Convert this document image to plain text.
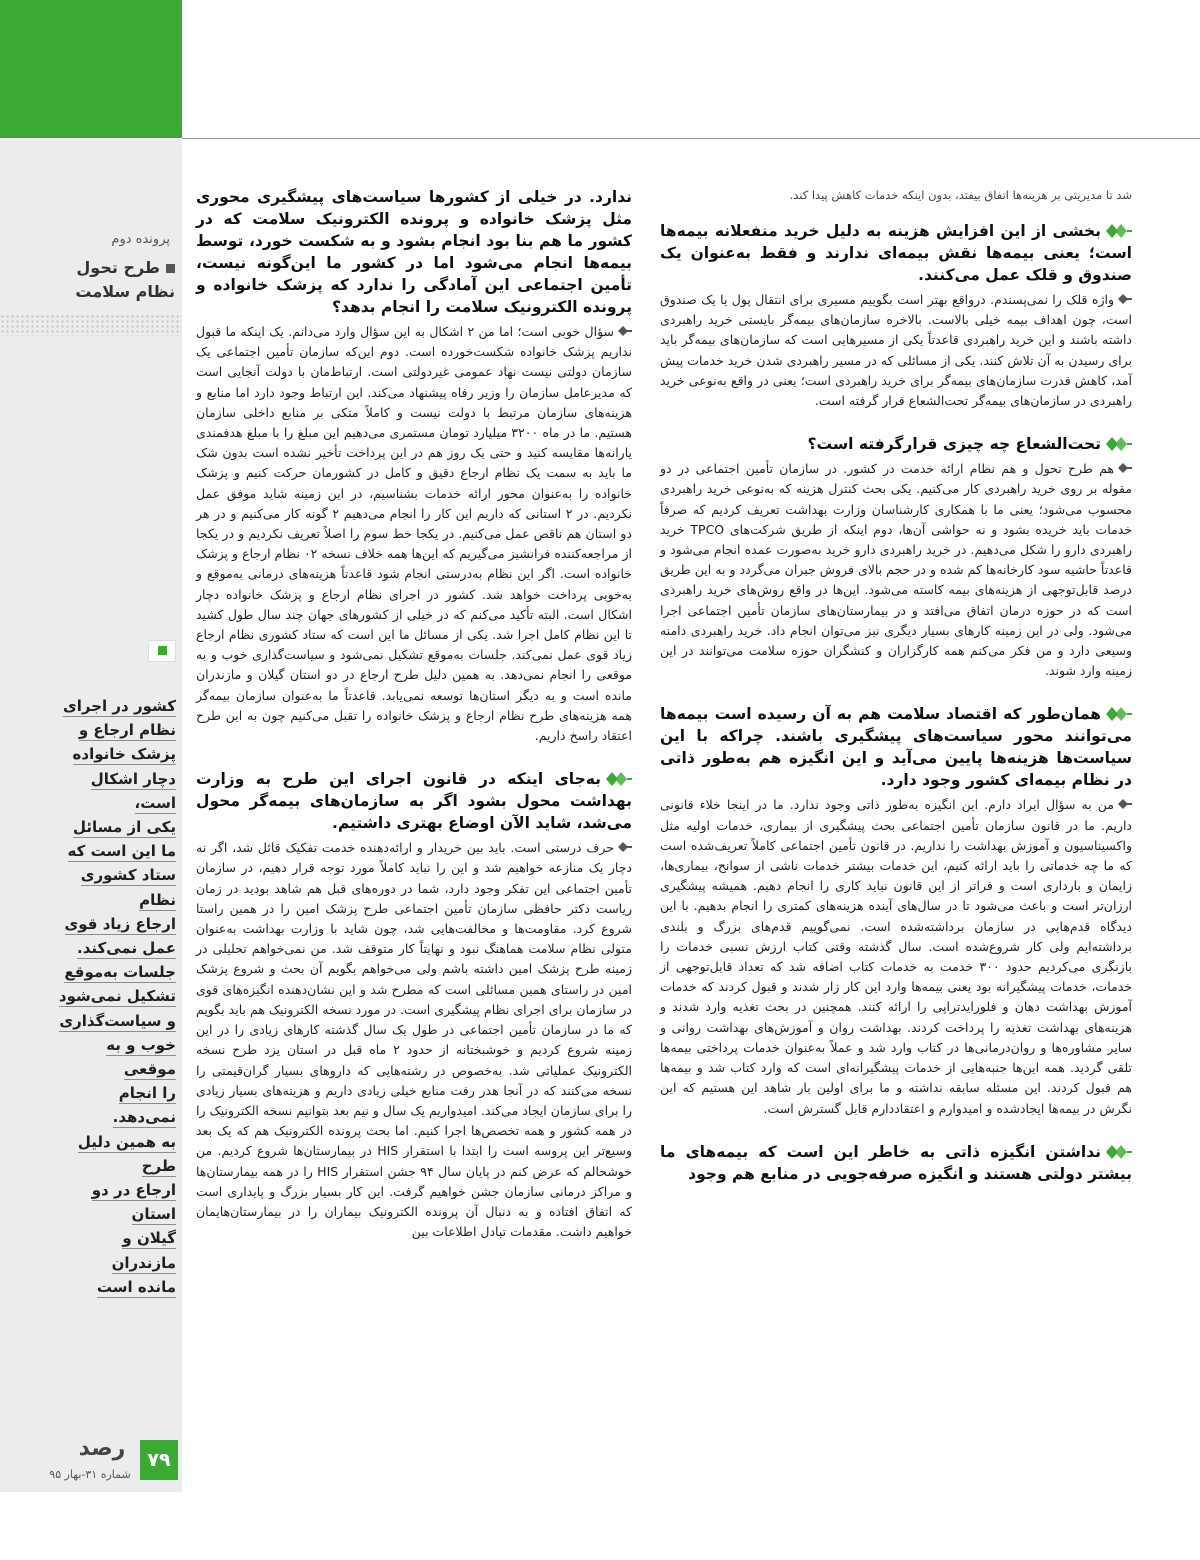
پرونده دوم
طرح تحول
نظام سلامت
کشور در اجرای
نظام ارجاع و
پزشک خانواده
دچار اشکال است،
یکی از مسائل
ما این است که
ستاد کشوری نظام
ارجاع زیاد قوی
عمل نمی‌کند.
جلسات به‌موقع
تشکیل نمی‌شود
و سیاست‌گذاری
خوب و به موقعی
را انجام نمی‌دهد.
به همین دلیل طرح
ارجاع در دو استان
گیلان و مازندران
مانده است

شد تا مدیریتی بر هزینه‌ها اتفاق بیفتد، بدون اینکه خدمات کاهش پیدا کند.

بخشی از این افزایش هزینه به دلیل خرید منفعلانه بیمه‌ها است؛ یعنی بیمه‌ها نقش بیمه‌ای ندارند و فقط به‌عنوان یک صندوق و قلک عمل می‌کنند.

واژه قلک را نمی‌پسندم. درواقع بهتر است بگوییم مسیری برای انتقال پول یا یک صندوق است، چون اهداف بیمه خیلی بالاست. بالاخره سازمان‌های بیمه‌گر بایستی خرید راهبردی داشته باشند و این خرید راهبردی قاعدتاً یکی از مسیرهایی است که سازمان‌های بیمه‌گر باید برای رسیدن به آن تلاش کنند. یکی از مسائلی که در مسیر راهبردی شدن خرید خدمات پیش آمد، کاهش قدرت سازمان‌های بیمه‌گر برای خرید راهبردی است؛ یعنی در واقع به‌نوعی خرید راهبردی در سازمان‌های بیمه‌گر تحت‌الشعاع قرار گرفته است.

تحت‌الشعاع چه چیزی قرارگرفته است؟

هم طرح تحول و هم نظام ارائه خدمت در کشور. در سازمان تأمین اجتماعی در دو مقوله بر روی خرید راهبردی کار می‌کنیم. یکی بحث کنترل هزینه که به‌نوعی خرید راهبردی محسوب می‌شود؛ یعنی ما با همکاری کارشناسان وزارت بهداشت تعریف کردیم که صرفاً خدمات باید خریده بشود و نه حواشی آن‌ها، دوم اینکه از طریق شرکت‌های TPCO خرید راهبردی دارو را شکل می‌دهیم. در خرید راهبردی دارو خرید به‌صورت عمده انجام می‌شود و قاعدتاً حاشیه سود کارخانه‌ها کم شده و در حجم بالای فروش جبران می‌گردد و به این طریق درصد قابل‌توجهی از هزینه‌های بیمه کاسته می‌شود. این‌ها در واقع روش‌های خرید راهبردی است که در حوزه درمان اتفاق می‌افتد و در بیمارستان‌های سازمان تأمین اجتماعی اجرا می‌شود. ولی در این زمینه کارهای بسیار دیگری نیز می‌توان انجام داد. خرید راهبردی دامنه وسیعی دارد و من فکر می‌کنم همه کارگزاران و کنشگران حوزه سلامت می‌توانند در این زمینه وارد شوند.

همان‌طور که اقتصاد سلامت هم به آن رسیده است بیمه‌ها می‌توانند محور سیاست‌های پیشگیری باشند. چراکه با این سیاست‌ها هزینه‌ها پایین می‌آید و این انگیزه هم به‌طور ذاتی در نظام بیمه‌ای کشور وجود دارد.

من به سؤال ایراد دارم. این انگیزه به‌طور ذاتی وجود ندارد. ما در اینجا خلاء قانونی داریم. ما در قانون سازمان تأمین اجتماعی بحث پیشگیری از بیماری، خدمات اولیه مثل واکسیناسیون و آموزش بهداشت را نداریم. در قانون تأمین اجتماعی کاملاً تعریف‌شده است که ما چه خدماتی را باید ارائه کنیم، این خدمات بیشتر خدمات ناشی از سوانح، بیماری‌ها، زایمان و بارداری است و فراتر از این قانون نباید کاری را انجام دهیم. همیشه پیشگیری ارزان‌تر است و باعث می‌شود تا در سال‌های آینده هزینه‌های کمتری را انجام بدهیم. با این دیدگاه قدم‌هایی در سازمان برداشته‌شده است. نمی‌گوییم قدم‌های بزرگ و بلندی برداشته‌ایم ولی کار شروع‌شده است. سال گذشته وقتی کتاب ارزش نسبی خدمات را بازنگری می‌کردیم حدود ۳۰۰ خدمت به خدمات کتاب اضافه شد که تعداد قابل‌توجهی از خدمات، خدمات پیشگیرانه بود یعنی بیمه‌ها وارد این کار زار شدند و قبول کردند که خدمات آموزش بهداشت دهان و فلوراید‌تراپی را ارائه کنند. همچنین در بحث تغذیه وارد شدند و هزینه‌های بهداشت تغذیه را پرداخت کردند. بهداشت روان و آموزش‌های بهداشت روانی و سایر مشاوره‌ها و روان‌درمانی‌ها در کتاب وارد شد و عملاً به‌عنوان خدمات پرداختی بیمه‌ها تلقی گردید. همه این‌ها جنبه‌هایی از خدمات پیشگیرانه‌ای است که وارد کتاب شد و بیمه‌ها هم قبول کردند. این مسئله سابقه نداشته و ما برای اولین بار شاهد این هستیم که این نگرش در بیمه‌ها ایجادشده و امیدوارم و اعتقاددارم قابل گسترش است.

نداشتن انگیزه ذاتی به خاطر این است که بیمه‌های ما بیشتر دولتی هستند و انگیزه صرفه‌جویی در منابع هم وجود
ندارد. در خیلی از کشورها سیاست‌های پیشگیری محوری مثل پزشک خانواده و پرونده الکترونیک سلامت که در کشور ما هم بنا بود انجام بشود و به شکست خورد، توسط بیمه‌ها انجام می‌شود اما در کشور ما این‌گونه نیست، تأمین اجتماعی این آمادگی را ندارد که پزشک خانواده و پرونده الکترونیک سلامت را انجام بدهد؟

سؤال خوبی است؛ اما من ۲ اشکال به این سؤال وارد می‌دانم. یک اینکه ما قبول نداریم پزشک خانواده شکست‌خورده است. دوم این‌که سازمان تأمین اجتماعی یک سازمان دولتی نیست نهاد عمومی غیردولتی است. ارتباط‌مان با دولت آنجایی است که مدیرعامل سازمان را وزیر رفاه پیشنهاد می‌کند. این ارتباط وجود دارد اما منابع و هزینه‌های سازمان مرتبط با دولت نیست و کاملاً متکی بر منابع داخلی سازمان هستیم. ما در ماه ۳۲۰۰ میلیارد تومان مستمری می‌دهیم این مبلغ را با مبلغ هدفمندی یارانه‌ها مقایسه کنید و حتی یک روز هم در این پرداخت تأخیر نشده است بدون شک ما باید به سمت یک نظام ارجاع دقیق و کامل در کشورمان حرکت کنیم و پزشک خانواده را به‌عنوان محور ارائه خدمات بشناسیم، در این زمینه شاید موفق عمل نکردیم. در ۲ استانی که داریم این کار را انجام می‌دهیم ۲ گونه کار می‌کنیم و در هر دو استان هم ناقص عمل می‌کنیم. در یکجا خط سوم را اصلاً تعریف نکردیم و در یکجا از مراجعه‌کننده فرانشیز می‌گیریم که این‌ها همه خلاف نسخه ۰۲ نظام ارجاع و پزشک خانواده است. اگر این نظام به‌درستی انجام شود قاعدتاً هزینه‌های درمانی به‌موقع و به‌خوبی پرداخت خواهد شد. کشور در اجرای نظام ارجاع و پزشک خانواده دچار اشکال است. البته تأکید می‌کنم که در خیلی از کشورهای جهان چند سال طول کشید تا این نظام کامل اجرا شد. یکی از مسائل ما این است که ستاد کشوری نظام ارجاع زیاد قوی عمل نمی‌کند. جلسات به‌موقع تشکیل نمی‌شود و سیاست‌گذاری خوب و به موقعی را انجام نمی‌دهد. به همین دلیل طرح ارجاع در دو استان گیلان و مازندران مانده است و به دیگر استان‌ها توسعه نمی‌یابد. قاعدتاً ما به‌عنوان سازمان بیمه‌گر همه هزینه‌های طرح نظام ارجاع و پزشک خانواده را تقبل می‌کنیم چون به این طرح اعتقاد راسخ داریم.

به‌جای اینکه در قانون اجرای این طرح به وزارت بهداشت محول بشود اگر به سازمان‌های بیمه‌گر محول می‌شد، شاید الآن اوضاع بهتری داشتیم.

حرف درستی است. باید بین خریدار و ارائه‌دهنده خدمت تفکیک قائل شد، اگر نه دچار یک منازعه خواهیم شد و این را نباید کاملاً مورد توجه قرار دهیم، در سازمان تأمین اجتماعی این تفکر وجود دارد، شما در دوره‌های قبل هم شاهد بودید در زمان ریاست دکتر حافظی سازمان تأمین اجتماعی طرح پزشک امین را در همین راستا شروع کرد. مقاومت‌ها و مخالفت‌هایی شد، چون شاید با وزارت بهداشت به‌عنوان متولی نظام سلامت هماهنگ نبود و نهایتاً کار متوقف شد. من نمی‌خواهم تحلیلی در زمینه طرح پزشک امین داشته باشم ولی می‌خواهم بگویم آن بحث و شروع پزشک امین در راستای همین مسائلی است که مطرح شد و این نشان‌دهنده انگیزه‌های قوی در سازمان برای اجرای نظام پیشگیری است. در مورد نسخه الکترونیک هم باید بگویم که ما در سازمان تأمین اجتماعی در طول یک سال گذشته کارهای زیادی را در این زمینه شروع کردیم و خوشبختانه از حدود ۲ ماه قبل در استان یزد طرح نسخه الکترونیک عملیاتی شد. به‌خصوص در رشته‌هایی که داروهای بسیار گران‌قیمتی را نسخه می‌کنند که در آنجا هدر رفت منابع خیلی زیادی داریم و هزینه‌های بسیار زیادی را برای سازمان ایجاد می‌کند. امیدواریم یک سال و نیم بعد بتوانیم نسخه الکترونیک را در همه کشور و همه تخصص‌ها اجرا کنیم. اما بحث پرونده الکترونیک هم که یک بعد وسیع‌تر این پروسه است را ابتدا با استقرار HIS در بیمارستان‌ها شروع کردیم. من خوشحالم که عرض کنم در پایان سال ۹۴ جشن استقرار HIS را در همه بیمارستان‌ها و مراکز درمانی سازمان جشن خواهیم گرفت. این کار بسیار بزرگ و پایداری است که اتفاق افتاده و به دنبال آن پرونده الکترونیک بیماران را در بیمارستان‌هایمان خواهیم داشت. مقدمات تبادل اطلاعات بین

۷۹
رصد
شماره ۳۱-بهار ۹۵
